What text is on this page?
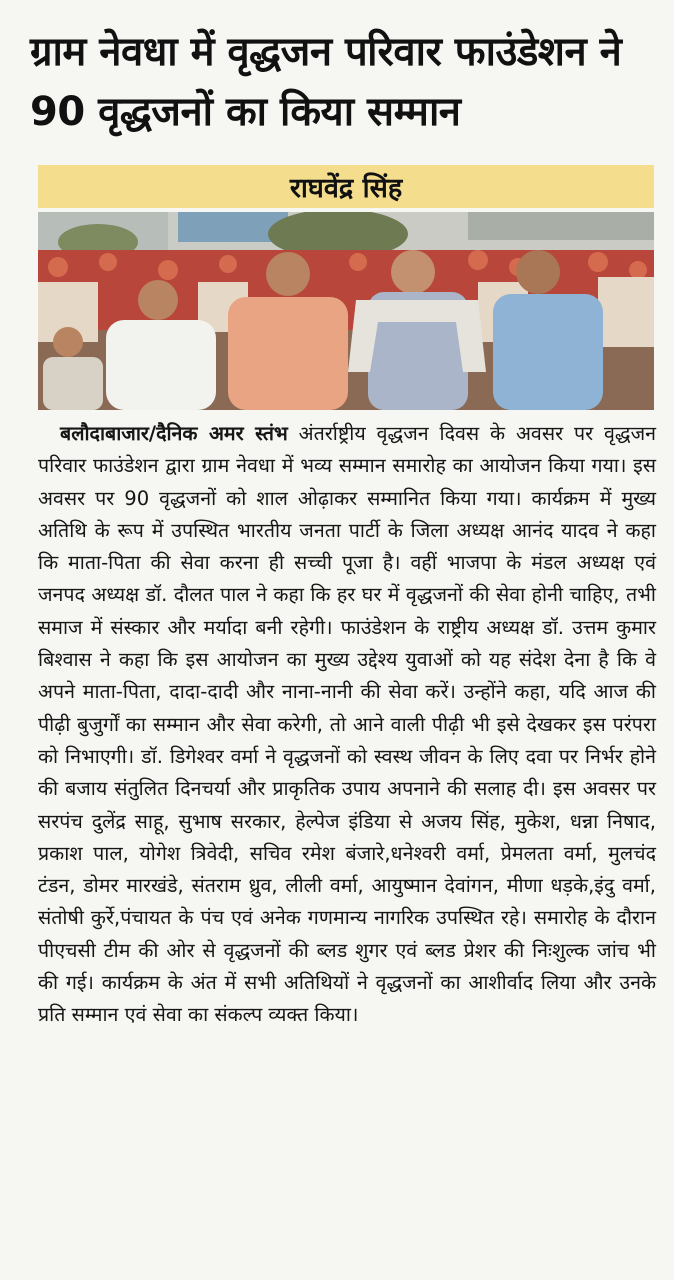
ग्राम नेवधा में वृद्धजन परिवार फाउंडेशन ने 90 वृद्धजनों का किया सम्मान
राघवेंद्र सिंह

बलौदाबाजार/दैनिक अमर स्तंभ अंतर्राष्ट्रीय वृद्धजन दिवस के अवसर पर वृद्धजन परिवार फाउंडेशन द्वारा ग्राम नेवधा में भव्य सम्मान समारोह का आयोजन किया गया। इस अवसर पर 90 वृद्धजनों को शाल ओढ़ाकर सम्मानित किया गया। कार्यक्रम में मुख्य अतिथि के रूप में उपस्थित भारतीय जनता पार्टी के जिला अध्यक्ष आनंद यादव ने कहा कि माता-पिता की सेवा करना ही सच्ची पूजा है। वहीं भाजपा के मंडल अध्यक्ष एवं जनपद अध्यक्ष डॉ. दौलत पाल ने कहा कि हर घर में वृद्धजनों की सेवा होनी चाहिए, तभी समाज में संस्कार और मर्यादा बनी रहेगी। फाउंडेशन के राष्ट्रीय अध्यक्ष डॉ. उत्तम कुमार बिश्वास ने कहा कि इस आयोजन का मुख्य उद्देश्य युवाओं को यह संदेश देना है कि वे अपने माता-पिता, दादा-दादी और नाना-नानी की सेवा करें। उन्होंने कहा, यदि आज की पीढ़ी बुजुर्गों का सम्मान और सेवा करेगी, तो आने वाली पीढ़ी भी इसे देखकर इस परंपरा को निभाएगी। डॉ. डिगेश्वर वर्मा ने वृद्धजनों को स्वस्थ जीवन के लिए दवा पर निर्भर होने की बजाय संतुलित दिनचर्या और प्राकृतिक उपाय अपनाने की सलाह दी। इस अवसर पर सरपंच दुलेंद्र साहू, सुभाष सरकार, हेल्पेज इंडिया से अजय सिंह, मुकेश, धन्ना निषाद, प्रकाश पाल, योगेश त्रिवेदी, सचिव रमेश बंजारे,धनेश्वरी वर्मा, प्रेमलता वर्मा, मुलचंद टंडन, डोमर मारखंडे, संतराम ध्रुव, लीली वर्मा, आयुष्मान देवांगन, मीणा धड़के,इंदु वर्मा, संतोषी कुर्रे,पंचायत के पंच एवं अनेक गणमान्य नागरिक उपस्थित रहे। समारोह के दौरान पीएचसी टीम की ओर से वृद्धजनों की ब्लड शुगर एवं ब्लड प्रेशर की निःशुल्क जांच भी की गई। कार्यक्रम के अंत में सभी अतिथियों ने वृद्धजनों का आशीर्वाद लिया और उनके प्रति सम्मान एवं सेवा का संकल्प व्यक्त किया।
